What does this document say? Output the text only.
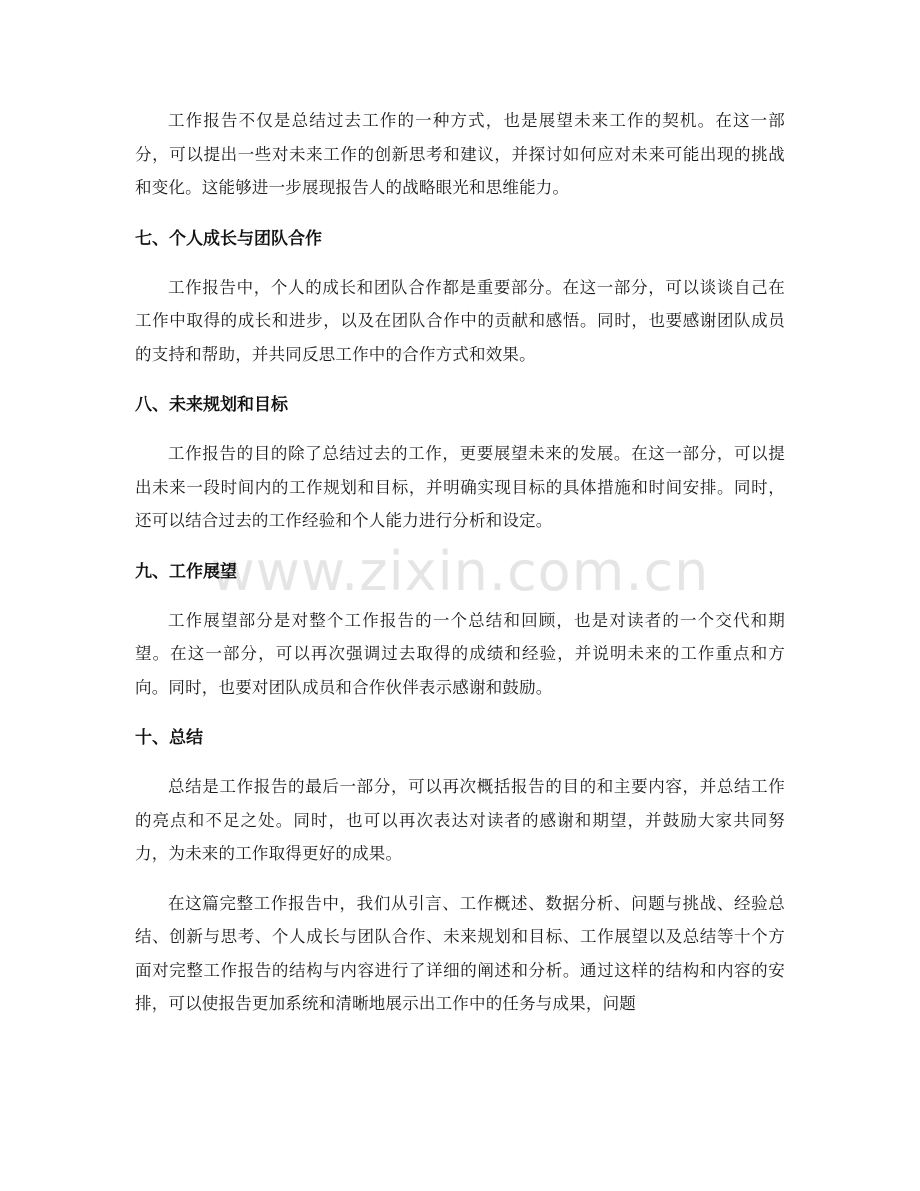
工作报告不仅是总结过去工作的一种方式，也是展望未来工作的契机。在这一部分，可以提出一些对未来工作的创新思考和建议，并探讨如何应对未来可能出现的挑战和变化。这能够进一步展现报告人的战略眼光和思维能力。

七、个人成长与团队合作

工作报告中，个人的成长和团队合作都是重要部分。在这一部分，可以谈谈自己在工作中取得的成长和进步，以及在团队合作中的贡献和感悟。同时，也要感谢团队成员的支持和帮助，并共同反思工作中的合作方式和效果。

八、未来规划和目标

工作报告的目的除了总结过去的工作，更要展望未来的发展。在这一部分，可以提出未来一段时间内的工作规划和目标，并明确实现目标的具体措施和时间安排。同时，还可以结合过去的工作经验和个人能力进行分析和设定。

九、工作展望

工作展望部分是对整个工作报告的一个总结和回顾，也是对读者的一个交代和期望。在这一部分，可以再次强调过去取得的成绩和经验，并说明未来的工作重点和方向。同时，也要对团队成员和合作伙伴表示感谢和鼓励。

十、总结

总结是工作报告的最后一部分，可以再次概括报告的目的和主要内容，并总结工作的亮点和不足之处。同时，也可以再次表达对读者的感谢和期望，并鼓励大家共同努力，为未来的工作取得更好的成果。

在这篇完整工作报告中，我们从引言、工作概述、数据分析、问题与挑战、经验总结、创新与思考、个人成长与团队合作、未来规划和目标、工作展望以及总结等十个方面对完整工作报告的结构与内容进行了详细的阐述和分析。通过这样的结构和内容的安排，可以使报告更加系统和清晰地展示出工作中的任务与成果，问题

www.zixin.com.cn
